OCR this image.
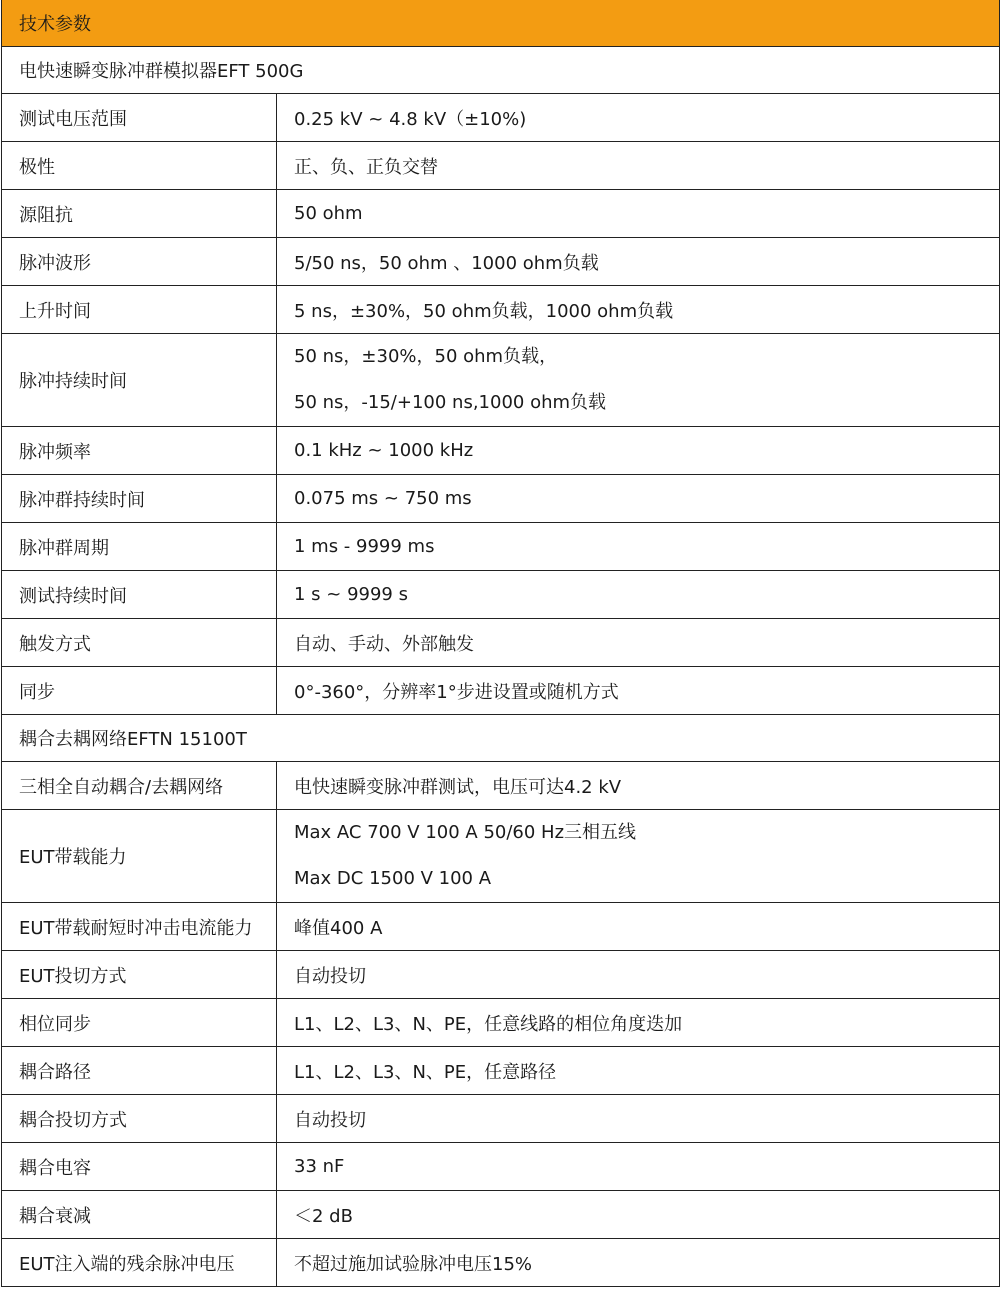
技术参数	
电快速瞬变脉冲群模拟器EFT 500G	
测试电压范围	0.25 kV ~ 4.8 kV（±10%)
极性	正、负、正负交替
源阻抗	50 ohm
脉冲波形	5/50 ns，50 ohm 、1000 ohm负载
上升时间	5 ns，±30%，50 ohm负载，1000 ohm负载
脉冲持续时间	50 ns，±30%，50 ohm负载，
50 ns，-15/+100 ns,1000 ohm负载

脉冲频率	0.1 kHz ~ 1000 kHz
脉冲群持续时间	0.075 ms ~ 750 ms
脉冲群周期	1 ms - 9999 ms
测试持续时间	1 s ~ 9999 s
触发方式	自动、手动、外部触发
同步	0°-360°，分辨率1°步进设置或随机方式
耦合去耦网络EFTN 15100T	
三相全自动耦合/去耦网络	电快速瞬变脉冲群测试，电压可达4.2 kV
EUT带载能力	Max AC 700 V 100 A 50/60 Hz三相五线
Max DC 1500 V 100 A

EUT带载耐短时冲击电流能力	峰值400 A
EUT投切方式	自动投切
相位同步	L1、L2、L3、N、PE，任意线路的相位角度迭加
耦合路径	L1、L2、L3、N、PE，任意路径
耦合投切方式	自动投切
耦合电容	33 nF
耦合衰减	＜2 dB
EUT注入端的残余脉冲电压	不超过施加试验脉冲电压15%
